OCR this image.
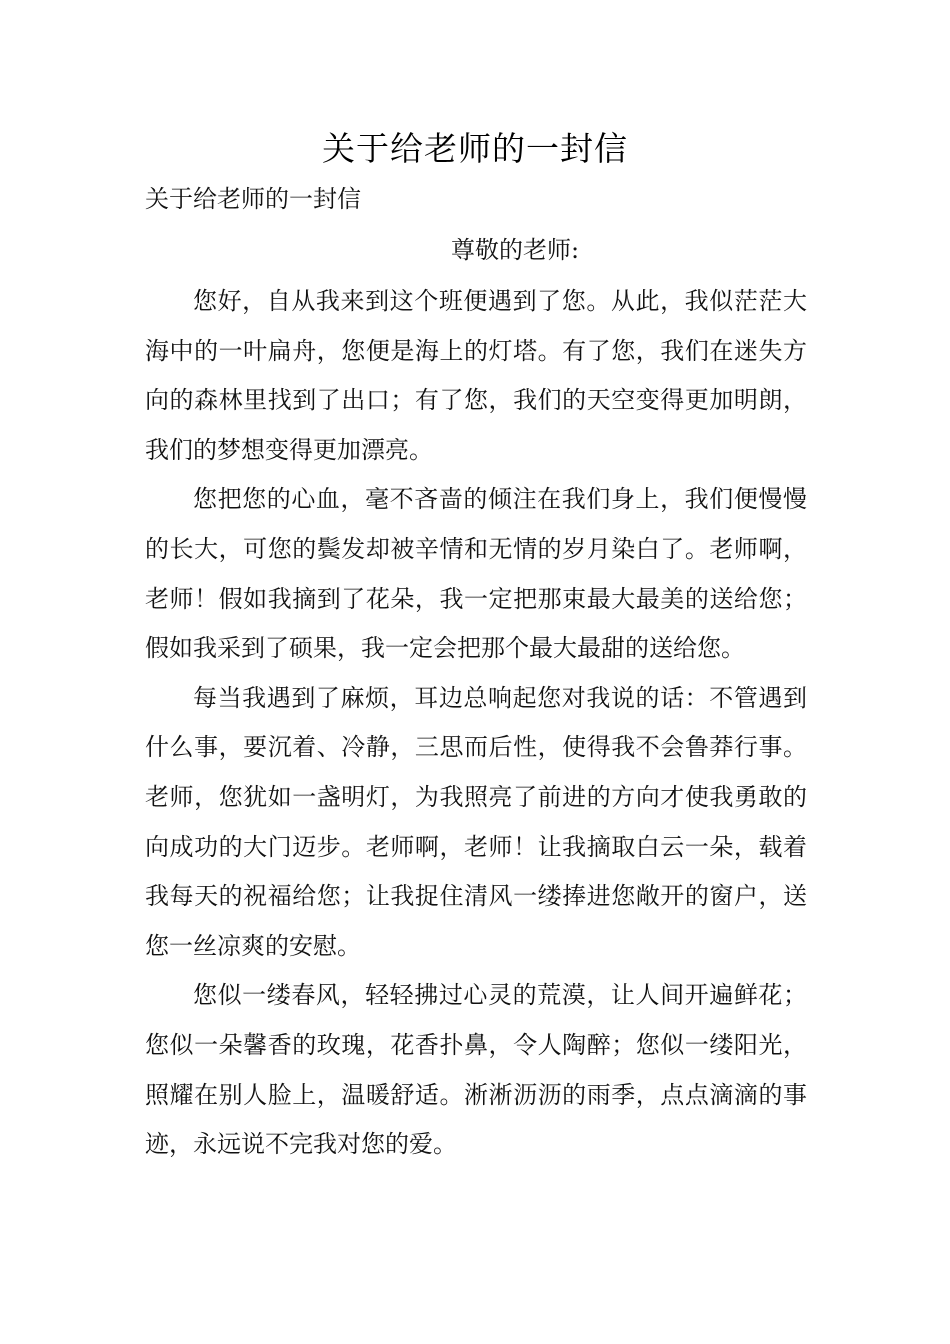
关于给老师的一封信
关于给老师的一封信
尊敬的老师:

您好，自从我来到这个班便遇到了您。从此，我似茫茫大海中的一叶扁舟，您便是海上的灯塔。有了您，我们在迷失方向的森林里找到了出口；有了您，我们的天空变得更加明朗，我们的梦想变得更加漂亮。

您把您的心血，毫不吝啬的倾注在我们身上，我们便慢慢的长大，可您的鬓发却被辛情和无情的岁月染白了。老师啊，老师！假如我摘到了花朵，我一定把那束最大最美的送给您；假如我采到了硕果，我一定会把那个最大最甜的送给您。

每当我遇到了麻烦，耳边总响起您对我说的话：不管遇到什么事，要沉着、冷静，三思而后性，使得我不会鲁莽行事。老师，您犹如一盏明灯，为我照亮了前进的方向才使我勇敢的向成功的大门迈步。老师啊，老师！让我摘取白云一朵，载着我每天的祝福给您；让我捉住清风一缕捧进您敞开的窗户，送您一丝凉爽的安慰。

您似一缕春风，轻轻拂过心灵的荒漠，让人间开遍鲜花；您似一朵馨香的玫瑰，花香扑鼻，令人陶醉；您似一缕阳光，照耀在别人脸上，温暖舒适。淅淅沥沥的雨季，点点滴滴的事迹，永远说不完我对您的爱。
